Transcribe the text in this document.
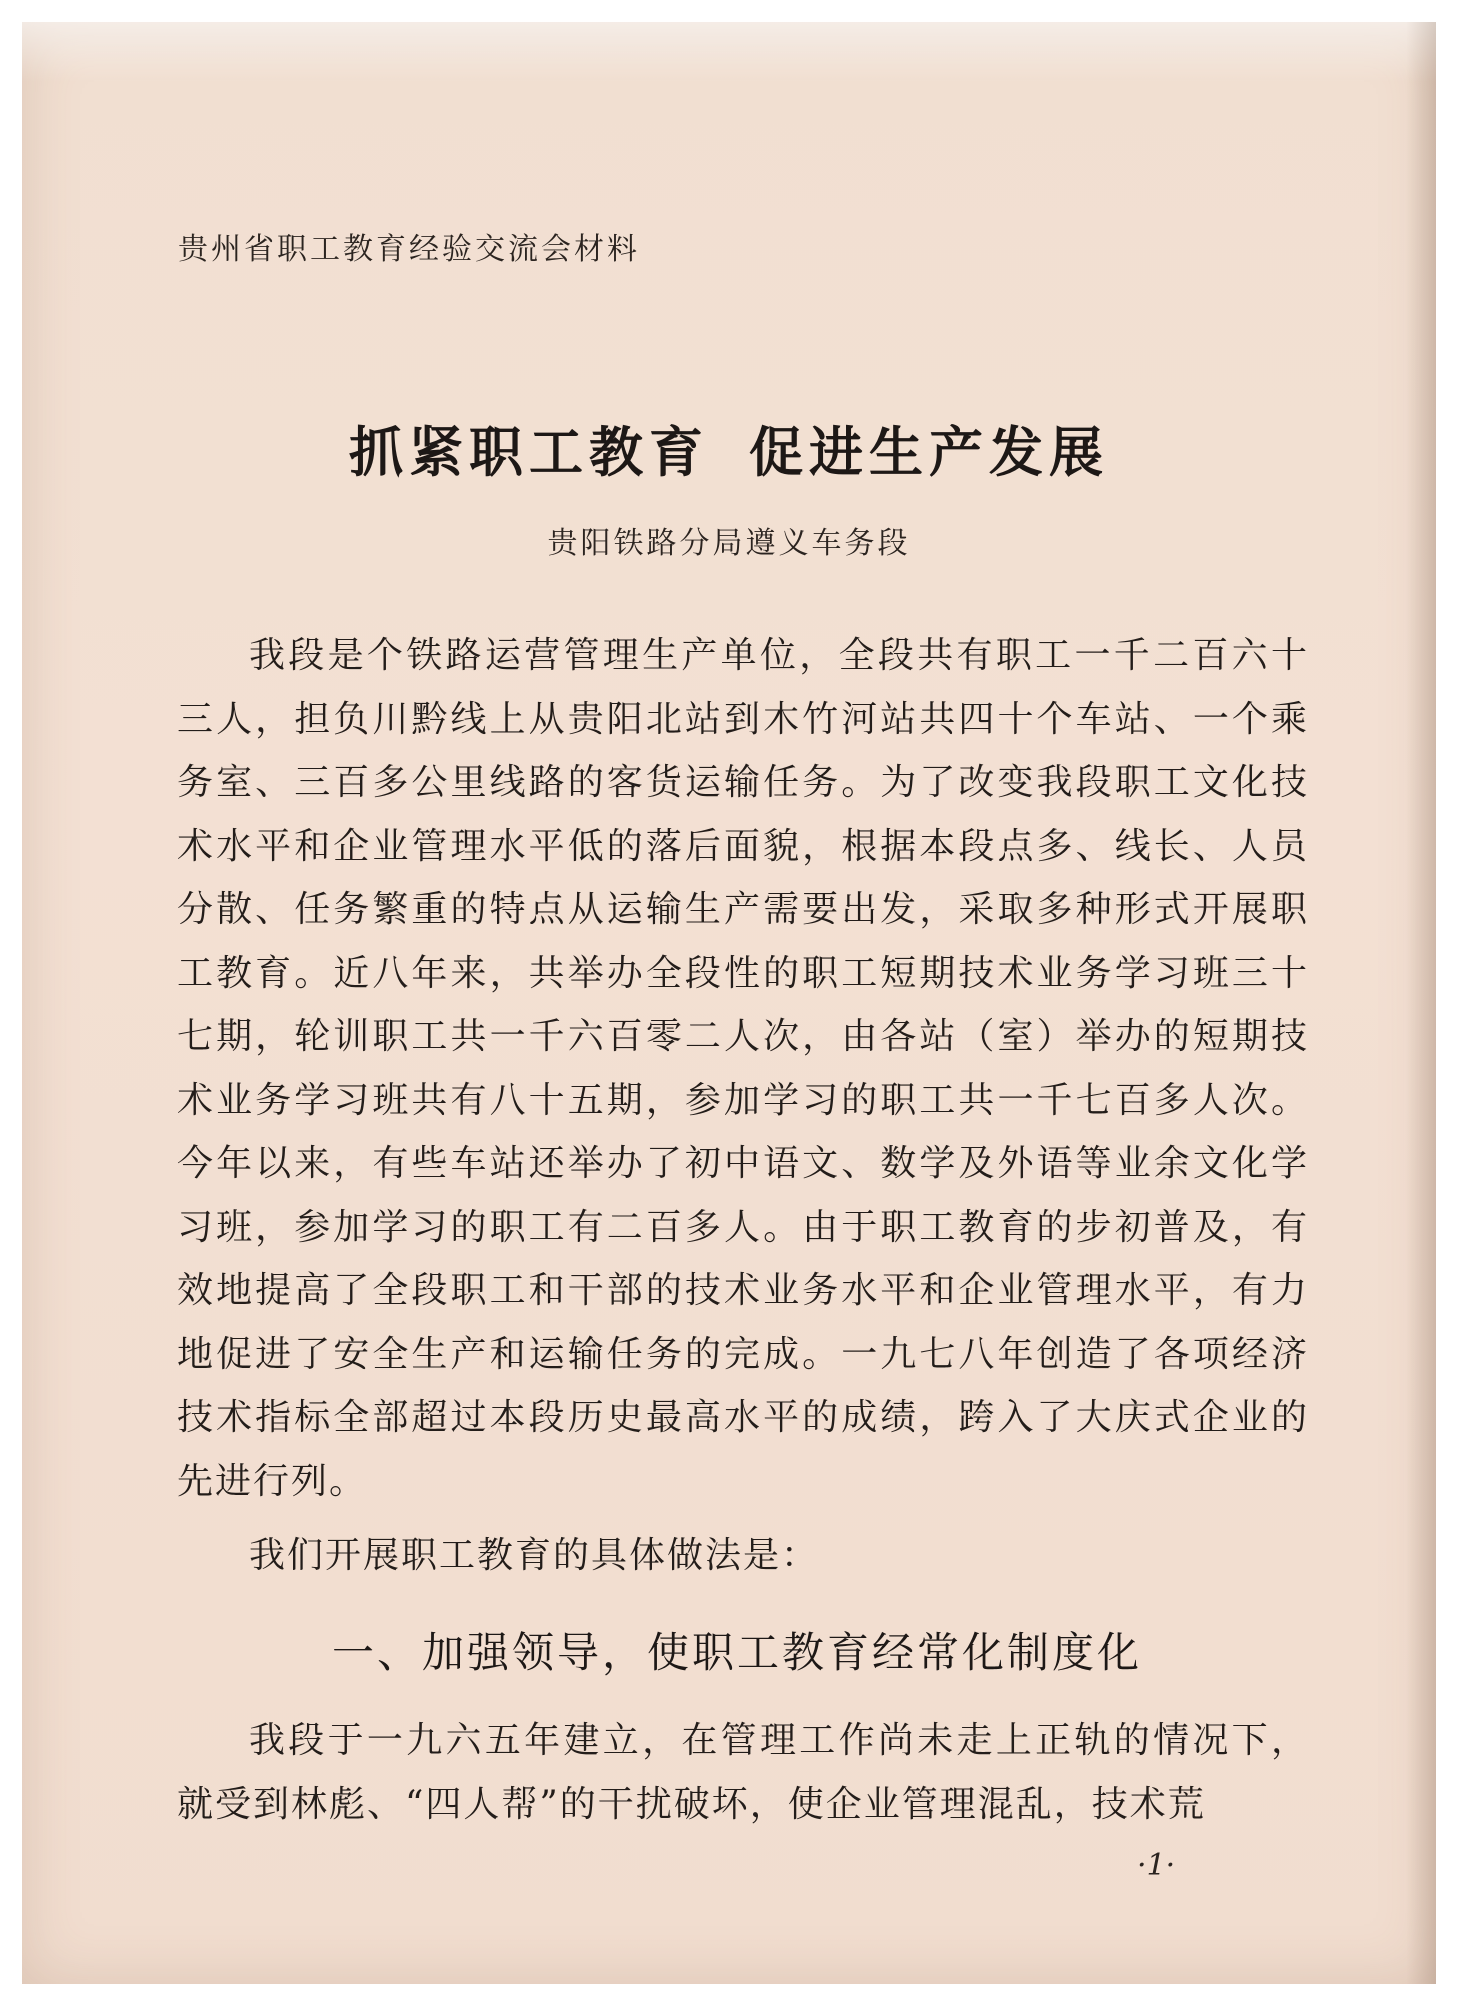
贵州省职工教育经验交流会材料
抓紧职工教育 促进生产发展
贵阳铁路分局遵义车务段

我段是个铁路运营管理生产单位，全段共有职工一千二百六十三人，担负川黔线上从贵阳北站到木竹河站共四十个车站、一个乘务室、三百多公里线路的客货运输任务。为了改变我段职工文化技术水平和企业管理水平低的落后面貌，根据本段点多、线长、人员分散、任务繁重的特点从运输生产需要出发，采取多种形式开展职工教育。近八年来，共举办全段性的职工短期技术业务学习班三十七期，轮训职工共一千六百零二人次，由各站（室）举办的短期技术业务学习班共有八十五期，参加学习的职工共一千七百多人次。今年以来，有些车站还举办了初中语文、数学及外语等业余文化学习班，参加学习的职工有二百多人。由于职工教育的步初普及，有效地提高了全段职工和干部的技术业务水平和企业管理水平，有力地促进了安全生产和运输任务的完成。一九七八年创造了各项经济技术指标全部超过本段历史最高水平的成绩，跨入了大庆式企业的先进行列。

我们开展职工教育的具体做法是：

一、加强领导，使职工教育经常化制度化

我段于一九六五年建立，在管理工作尚未走上正轨的情况下，就受到林彪、“四人帮”的干扰破坏，使企业管理混乱，技术荒

·1·
